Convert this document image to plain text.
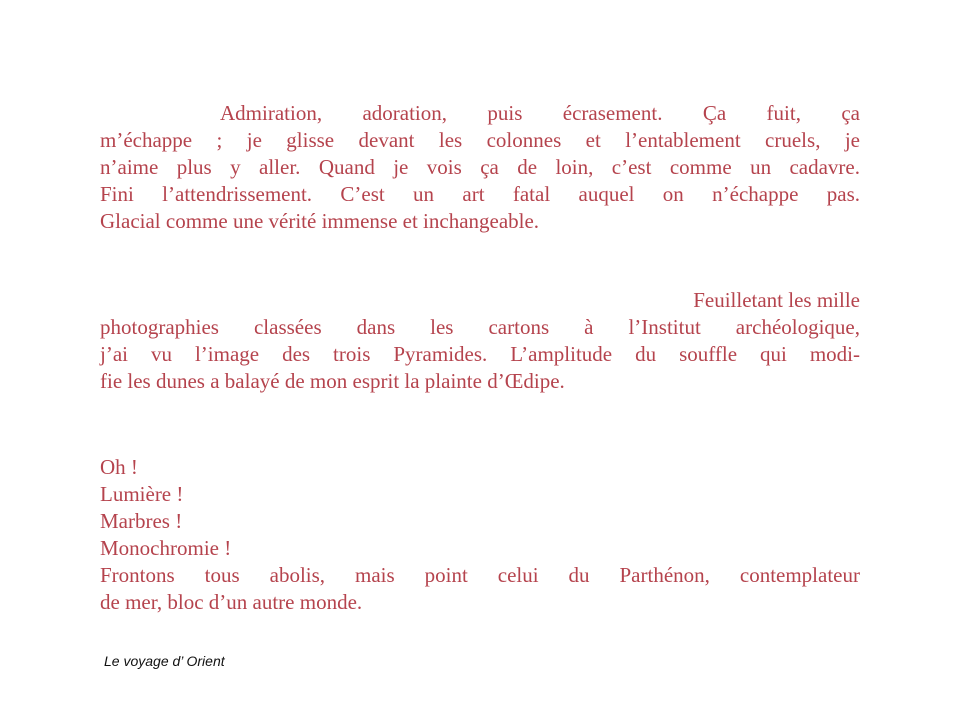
Admiration, adoration, puis écrasement. Ça fuit, ça
m’échappe ; je glisse devant les colonnes et l’entablement cruels, je
n’aime plus y aller. Quand je vois ça de loin, c’est comme un cadavre.
Fini l’attendrissement. C’est un art fatal auquel on n’échappe pas.
Glacial comme une vérité immense et inchangeable.
Feuilletant les mille
photographies classées dans les cartons à l’Institut archéologique,
j’ai vu l’image des trois Pyramides. L’amplitude du souffle qui modi-
fie les dunes a balayé de mon esprit la plainte d’Œdipe.
Oh !
Lumière !
Marbres !
Monochromie !
Frontons tous abolis, mais point celui du Parthénon, contemplateur
de mer, bloc d’un autre monde.
Le voyage d’ Orient
